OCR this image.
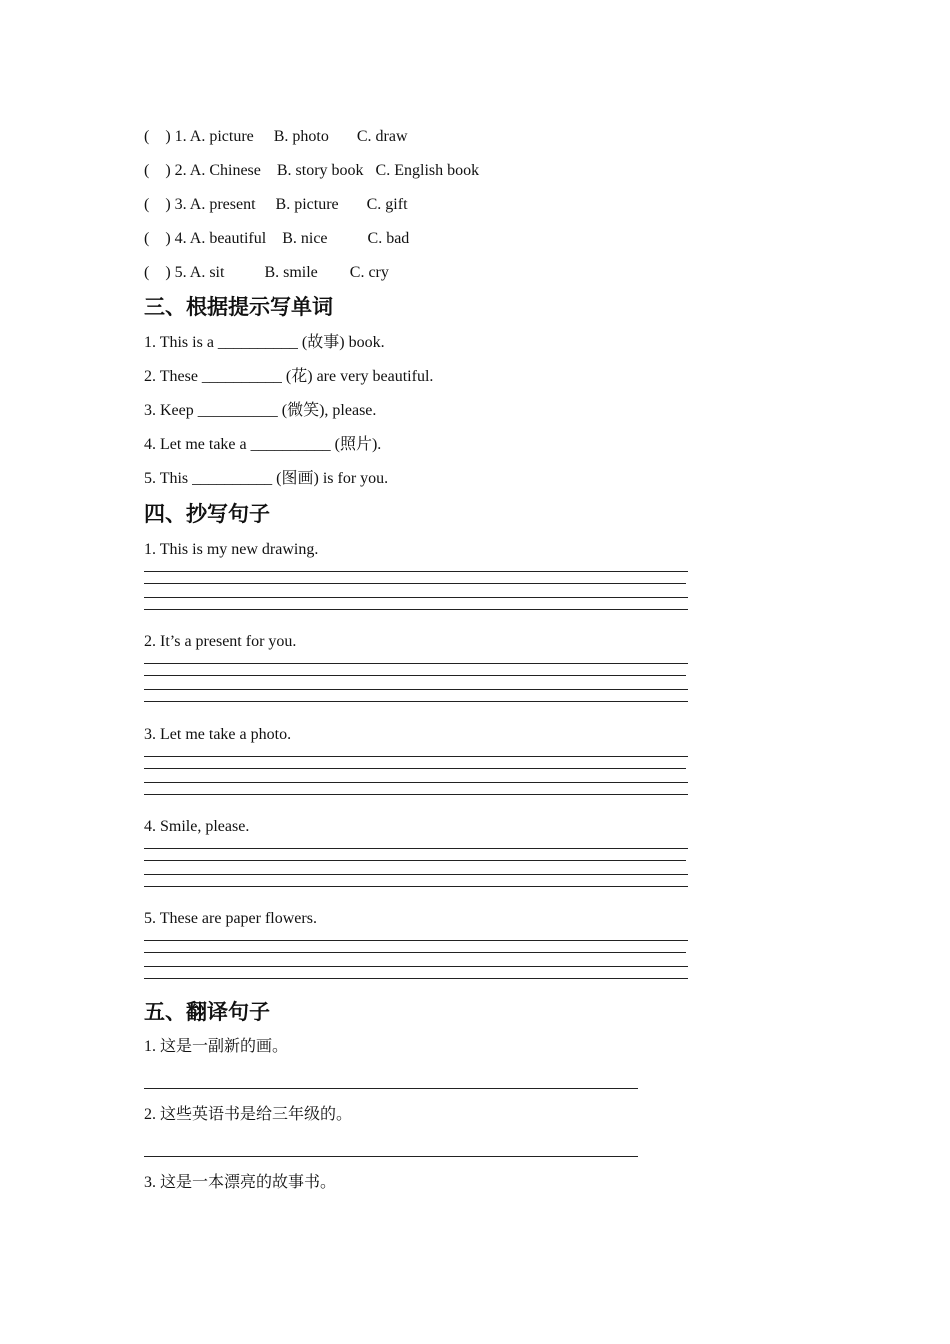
(    ) 1. A. picture     B. photo       C. draw
(    ) 2. A. Chinese    B. story book   C. English book
(    ) 3. A. present     B. picture       C. gift
(    ) 4. A. beautiful    B. nice          C. bad
(    ) 5. A. sit          B. smile        C. cry
三、根据提示写单词
1. This is a __________ (故事) book.
2. These __________ (花) are very beautiful.
3. Keep __________ (微笑), please.
4. Let me take a __________ (照片).
5. This __________ (图画) is for you.
四、抄写句子
1. This is my new drawing.
2. It’s a present for you.
3. Let me take a photo.
4. Smile, please.
5. These are paper flowers.
五、翻译句子
1. 这是一副新的画。
2. 这些英语书是给三年级的。
3. 这是一本漂亮的故事书。
